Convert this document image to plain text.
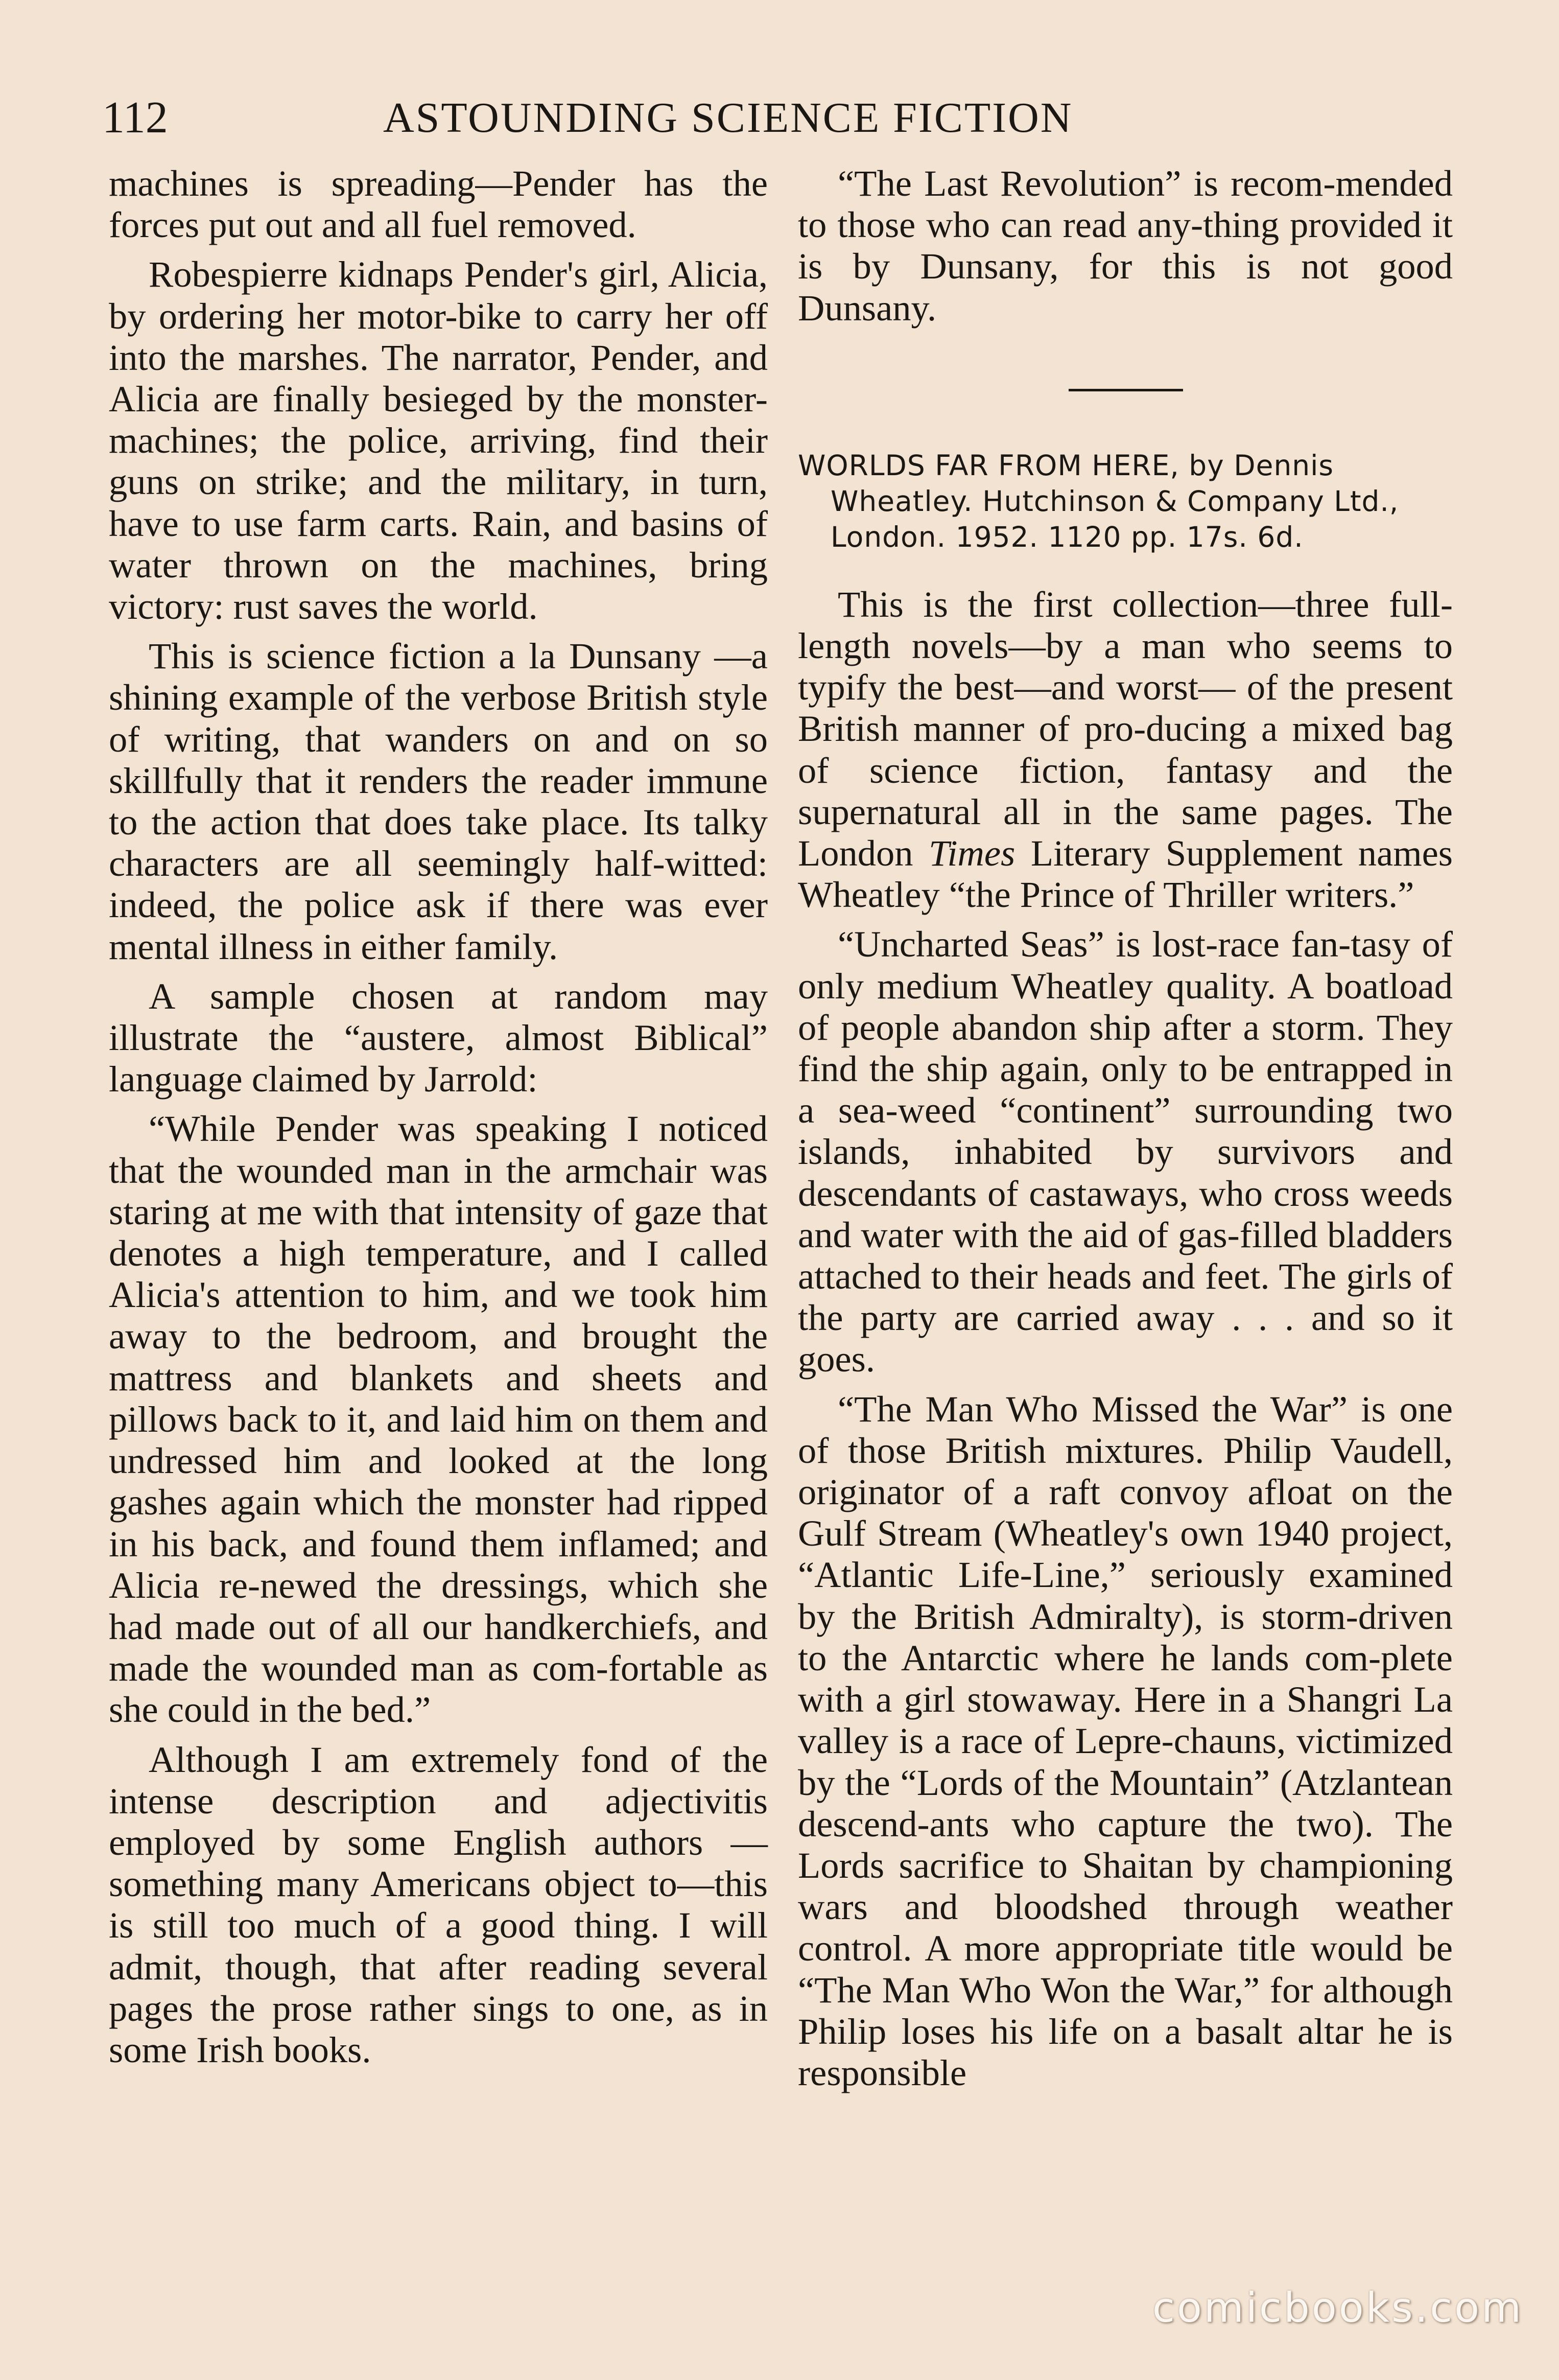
112	ASTOUNDING SCIENCE FICTION

machines is spreading—Pender has the forces put out and all fuel removed.

Robespierre kidnaps Pender's girl, Alicia, by ordering her motor-bike to carry her off into the marshes. The narrator, Pender, and Alicia are finally besieged by the monster-machines; the police, arriving, find their guns on strike; and the military, in turn, have to use farm carts. Rain, and basins of water thrown on the machines, bring victory: rust saves the world.

This is science fiction a la Dunsany —a shining example of the verbose British style of writing, that wanders on and on so skillfully that it renders the reader immune to the action that does take place. Its talky characters are all seemingly half-witted: indeed, the police ask if there was ever mental illness in either family.

A sample chosen at random may illustrate the “austere, almost Biblical” language claimed by Jarrold:

“While Pender was speaking I noticed that the wounded man in the armchair was staring at me with that intensity of gaze that denotes a high temperature, and I called Alicia's attention to him, and we took him away to the bedroom, and brought the mattress and blankets and sheets and pillows back to it, and laid him on them and undressed him and looked at the long gashes again which the monster had ripped in his back, and found them inflamed; and Alicia re-newed the dressings, which she had made out of all our handkerchiefs, and made the wounded man as com-fortable as she could in the bed.”

Although I am extremely fond of the intense description and adjectivitis employed by some English authors —something many Americans object to—this is still too much of a good thing. I will admit, though, that after reading several pages the prose rather sings to one, as in some Irish books.

“The Last Revolution” is recom-mended to those who can read any-thing provided it is by Dunsany, for this is not good Dunsany.

WORLDS FAR FROM HERE, by Dennis Wheatley. Hutchinson & Company Ltd., London. 1952. 1120 pp. 17s. 6d.

This is the first collection—three full-length novels—by a man who seems to typify the best—and worst— of the present British manner of pro-ducing a mixed bag of science fiction, fantasy and the supernatural all in the same pages. The London Times Literary Supplement names Wheatley “the Prince of Thriller writers.”

“Uncharted Seas” is lost-race fan-tasy of only medium Wheatley quality. A boatload of people abandon ship after a storm. They find the ship again, only to be entrapped in a sea-weed “continent” surrounding two islands, inhabited by survivors and descendants of castaways, who cross weeds and water with the aid of gas-filled bladders attached to their heads and feet. The girls of the party are carried away . . . and so it goes.

“The Man Who Missed the War” is one of those British mixtures. Philip Vaudell, originator of a raft convoy afloat on the Gulf Stream (Wheatley's own 1940 project, “Atlantic Life-Line,” seriously examined by the British Admiralty), is storm-driven to the Antarctic where he lands com-plete with a girl stowaway. Here in a Shangri La valley is a race of Lepre-chauns, victimized by the “Lords of the Mountain” (Atzlantean descend-ants who capture the two). The Lords sacrifice to Shaitan by championing wars and bloodshed through weather control. A more appropriate title would be “The Man Who Won the War,” for although Philip loses his life on a basalt altar he is responsible

comicbooks.com
